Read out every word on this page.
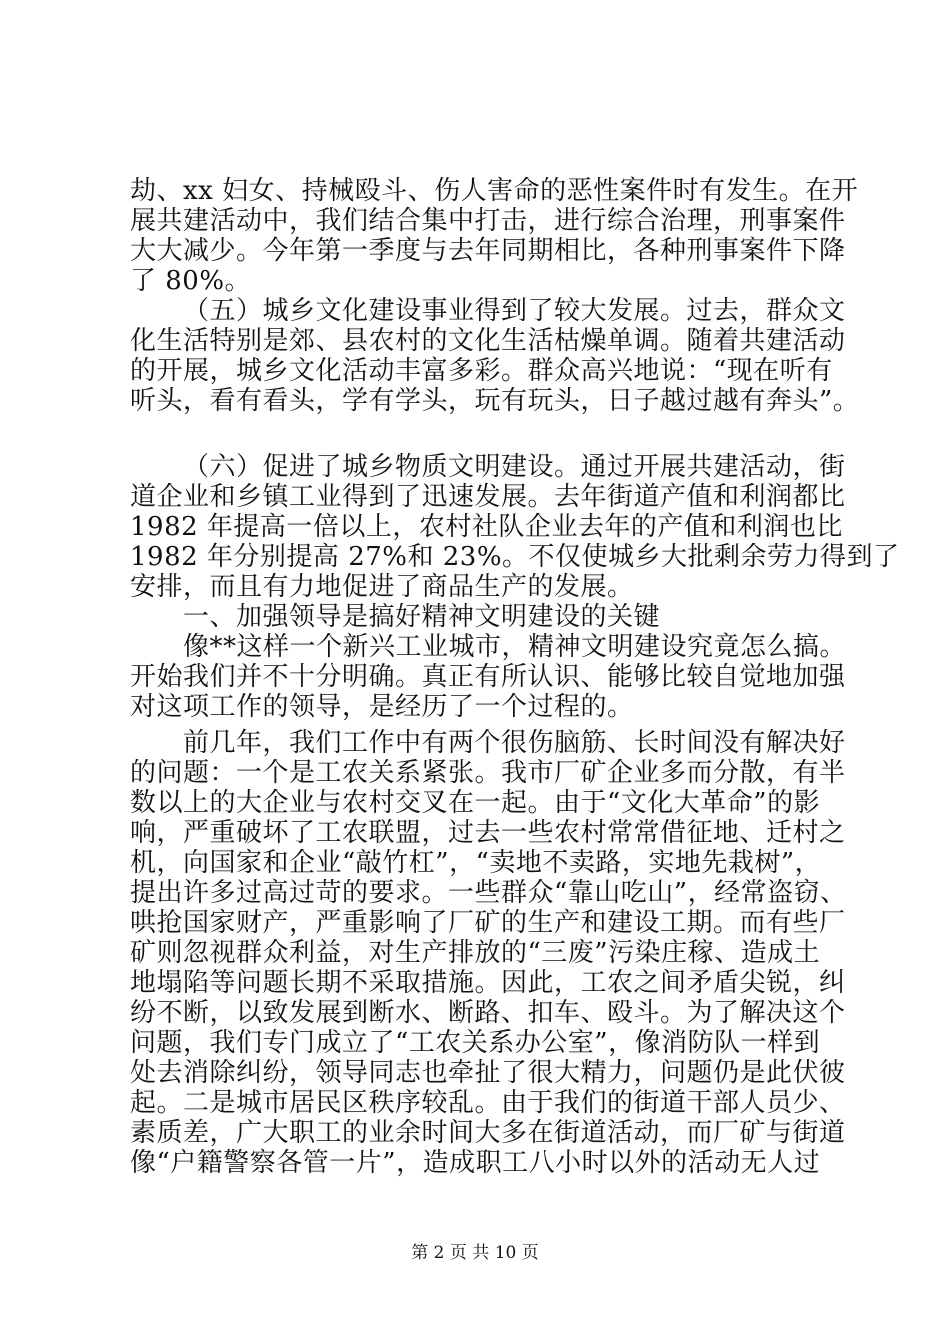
劫、xx 妇女、持械殴斗、伤人害命的恶性案件时有发生。在开
展共建活动中，我们结合集中打击，进行综合治理，刑事案件
大大减少。今年第一季度与去年同期相比，各种刑事案件下降
了 80%。
（五）城乡文化建设事业得到了较大发展。过去，群众文
化生活特别是郊、县农村的文化生活枯燥单调。随着共建活动
的开展，城乡文化活动丰富多彩。群众高兴地说：“现在听有
听头，看有看头，学有学头，玩有玩头，日子越过越有奔头”。
（六）促进了城乡物质文明建设。通过开展共建活动，街
道企业和乡镇工业得到了迅速发展。去年街道产值和利润都比
1982 年提高一倍以上，农村社队企业去年的产值和利润也比
1982 年分别提高 27%和 23%。不仅使城乡大批剩余劳力得到了
安排，而且有力地促进了商品生产的发展。
一、加强领导是搞好精神文明建设的关键
像**这样一个新兴工业城市，精神文明建设究竟怎么搞。
开始我们并不十分明确。真正有所认识、能够比较自觉地加强
对这项工作的领导，是经历了一个过程的。
前几年，我们工作中有两个很伤脑筋、长时间没有解决好
的问题：一个是工农关系紧张。我市厂矿企业多而分散，有半
数以上的大企业与农村交叉在一起。由于“文化大革命”的影
响，严重破坏了工农联盟，过去一些农村常常借征地、迁村之
机，向国家和企业“敲竹杠”，“卖地不卖路，实地先栽树”，
提出许多过高过苛的要求。一些群众“靠山吃山”，经常盗窃、
哄抢国家财产，严重影响了厂矿的生产和建设工期。而有些厂
矿则忽视群众利益，对生产排放的“三废”污染庄稼、造成土
地塌陷等问题长期不采取措施。因此，工农之间矛盾尖锐，纠
纷不断，以致发展到断水、断路、扣车、殴斗。为了解决这个
问题，我们专门成立了“工农关系办公室”，像消防队一样到
处去消除纠纷，领导同志也牵扯了很大精力，问题仍是此伏彼
起。二是城市居民区秩序较乱。由于我们的街道干部人员少、
素质差，广大职工的业余时间大多在街道活动，而厂矿与街道
像“户籍警察各管一片”，造成职工八小时以外的活动无人过
第 2 页 共 10 页
